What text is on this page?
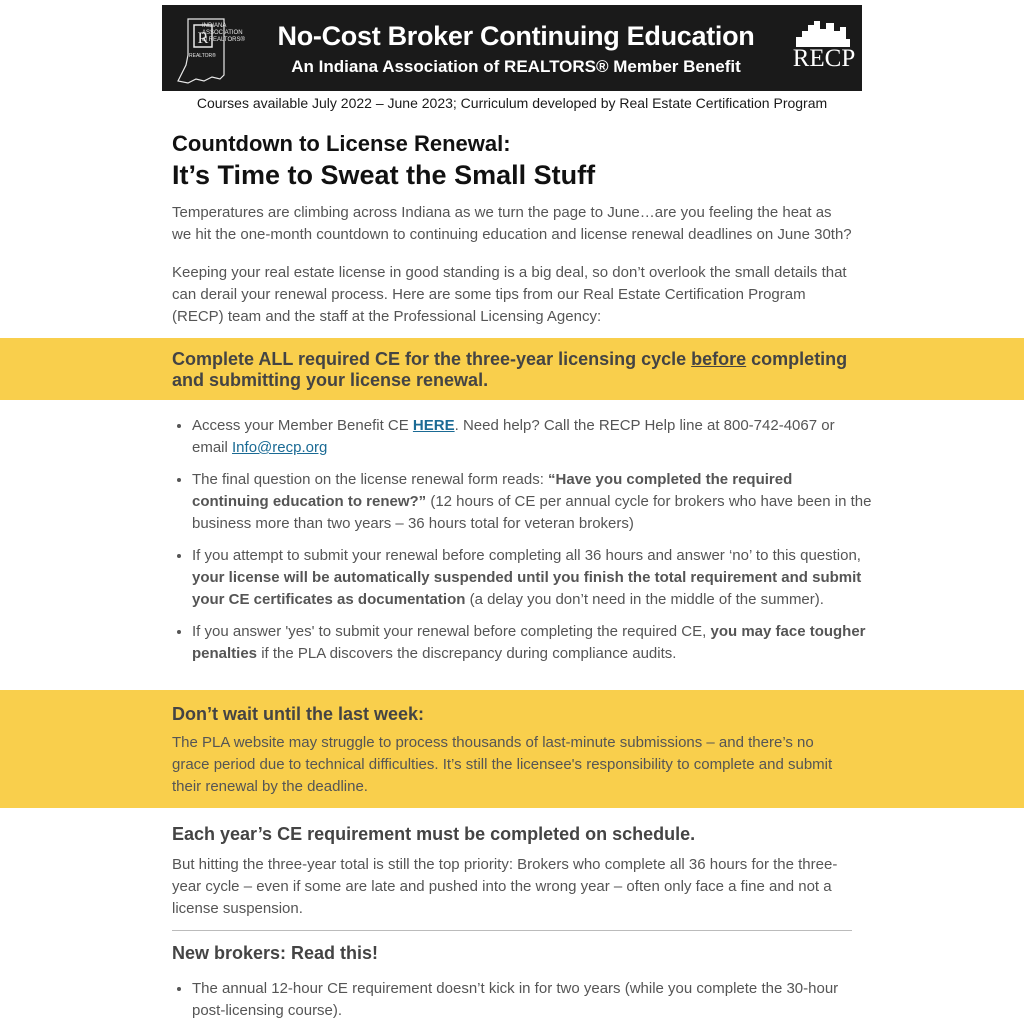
R
REALTOR®
INDIANA
ASSOCIATION
of REALTORS®	No-Cost Broker Continuing Education
An Indiana Association of REALTORS® Member Benefit	RECP
Courses available July 2022 – June 2023; Curriculum developed by Real Estate Certification Program
Countdown to License Renewal:
It’s Time to Sweat the Small Stuff

Temperatures are climbing across Indiana as we turn the page to June…are you feeling the heat as we hit the one-month countdown to continuing education and license renewal deadlines on June 30th?

Keeping your real estate license in good standing is a big deal, so don’t overlook the small details that can derail your renewal process. Here are some tips from our Real Estate Certification Program (RECP) team and the staff at the Professional Licensing Agency:

Complete ALL required CE for the three-year licensing cycle before completing and submitting your license renewal.
• Access your Member Benefit CE HERE. Need help? Call the RECP Help line at 800-742-4067 or email Info@recp.org
• The final question on the license renewal form reads: “Have you completed the required continuing education to renew?” (12 hours of CE per annual cycle for brokers who have been in the business more than two years – 36 hours total for veteran brokers)
• If you attempt to submit your renewal before completing all 36 hours and answer ‘no’ to this question, your license will be automatically suspended until you finish the total requirement and submit your CE certificates as documentation (a delay you don’t need in the middle of the summer).
• If you answer 'yes' to submit your renewal before completing the required CE, you may face tougher penalties if the PLA discovers the discrepancy during compliance audits.
Don’t wait until the last week:

The PLA website may struggle to process thousands of last-minute submissions – and there’s no grace period due to technical difficulties. It’s still the licensee's responsibility to complete and submit their renewal by the deadline.

Each year’s CE requirement must be completed on schedule.

But hitting the three-year total is still the top priority: Brokers who complete all 36 hours for the three-year cycle – even if some are late and pushed into the wrong year – often only face a fine and not a license suspension.

New brokers: Read this!
• The annual 12-hour CE requirement doesn’t kick in for two years (while you complete the 30-hour post-licensing course).
